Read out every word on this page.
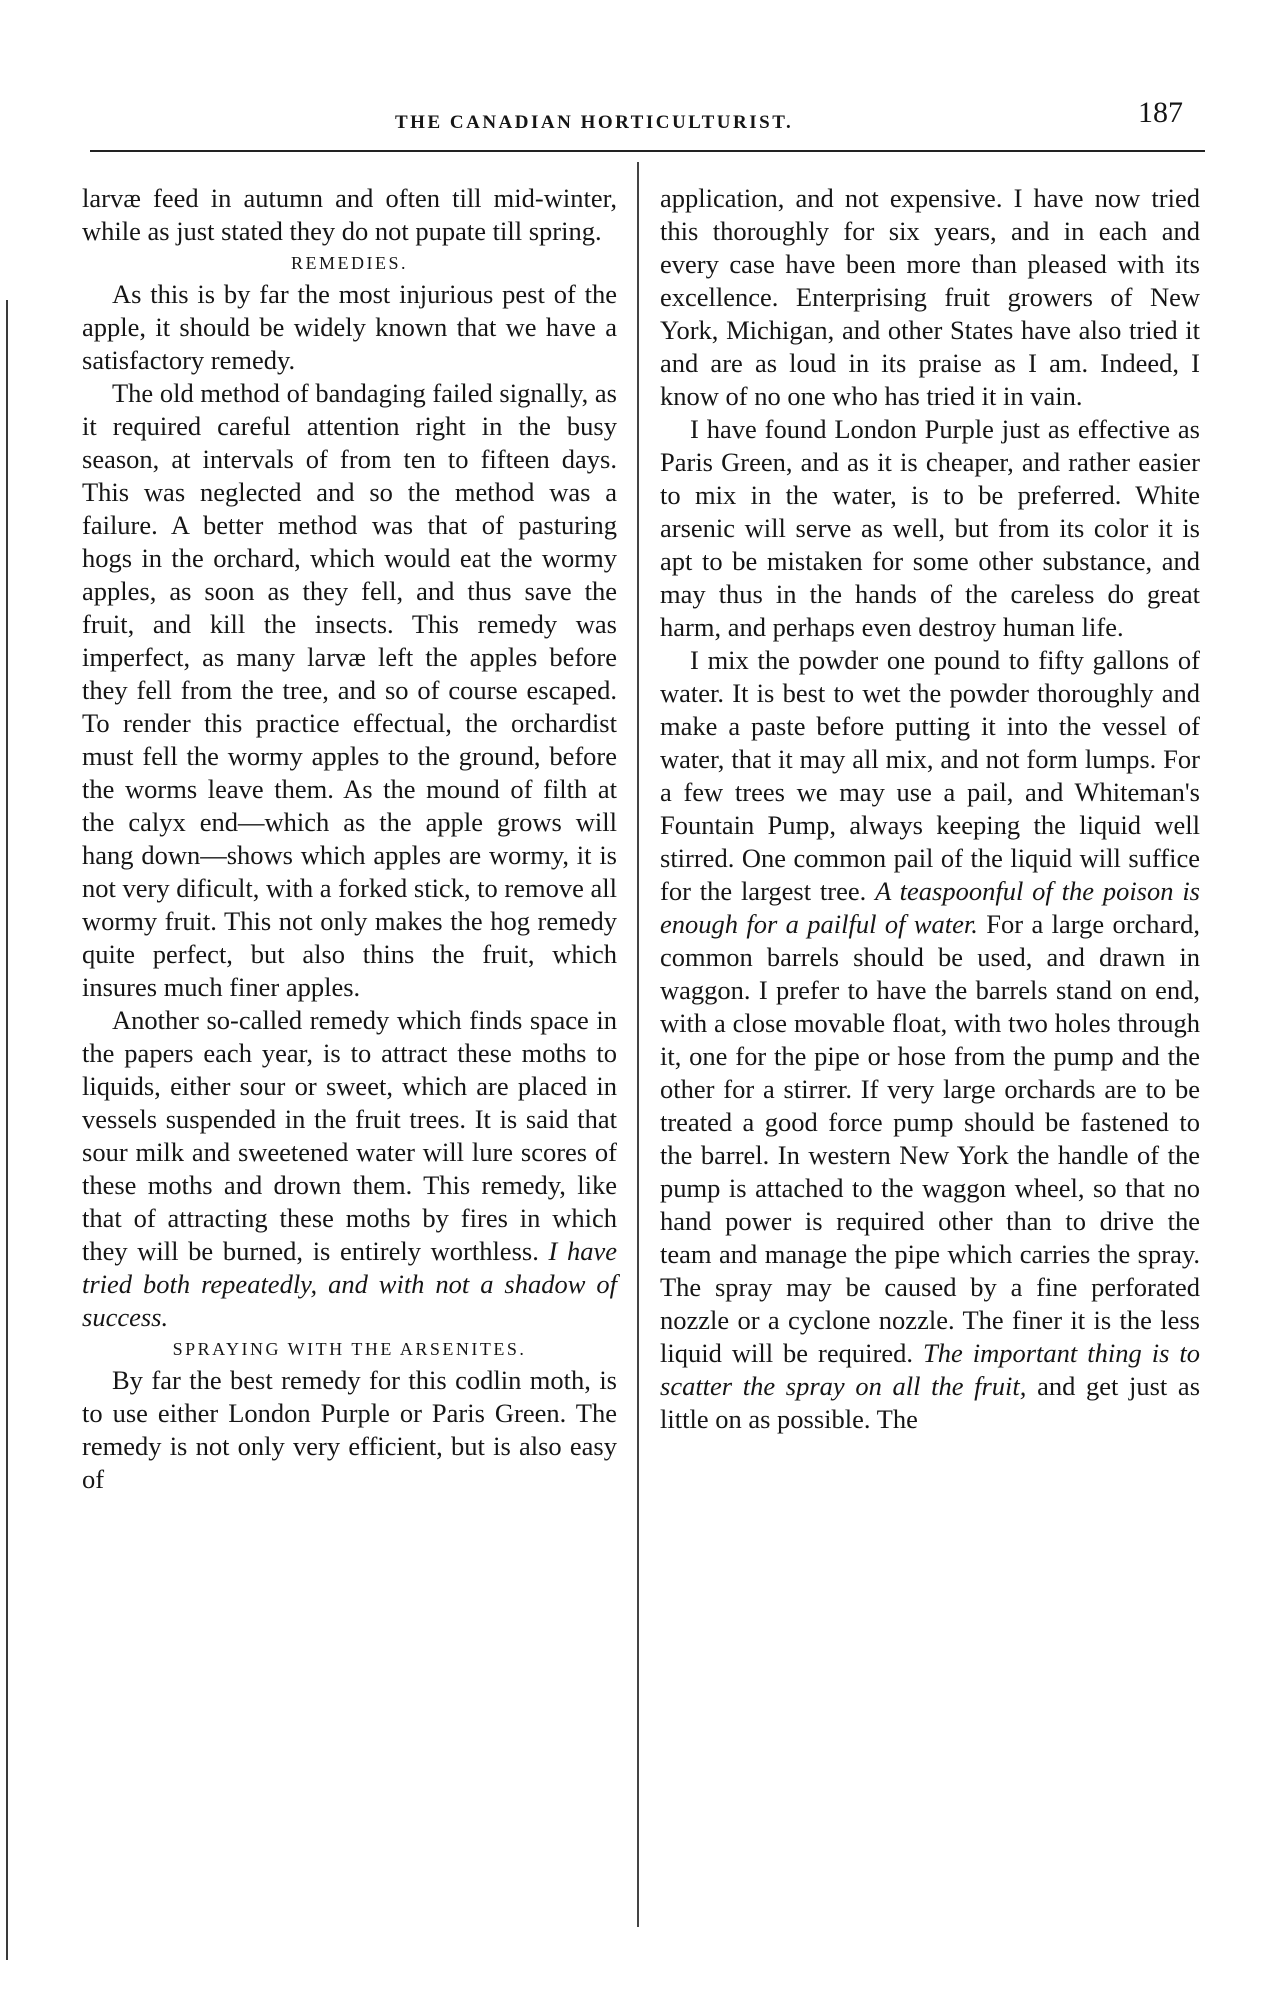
THE CANADIAN HORTICULTURIST.	187

larvæ feed in autumn and often till mid-winter, while as just stated they do not pupate till spring.

REMEDIES.

As this is by far the most injurious pest of the apple, it should be widely known that we have a satisfactory remedy.

The old method of bandaging failed signally, as it required careful attention right in the busy season, at intervals of from ten to fifteen days. This was neglected and so the method was a failure. A better method was that of pasturing hogs in the orchard, which would eat the wormy apples, as soon as they fell, and thus save the fruit, and kill the insects. This remedy was imperfect, as many larvæ left the apples before they fell from the tree, and so of course escaped. To render this practice effectual, the orchardist must fell the wormy apples to the ground, before the worms leave them. As the mound of filth at the calyx end—which as the apple grows will hang down—shows which apples are wormy, it is not very dificult, with a forked stick, to remove all wormy fruit. This not only makes the hog remedy quite perfect, but also thins the fruit, which insures much finer apples.

Another so-called remedy which finds space in the papers each year, is to attract these moths to liquids, either sour or sweet, which are placed in vessels suspended in the fruit trees. It is said that sour milk and sweetened water will lure scores of these moths and drown them. This remedy, like that of attracting these moths by fires in which they will be burned, is entirely worthless. I have tried both repeatedly, and with not a shadow of success.

SPRAYING WITH THE ARSENITES.

By far the best remedy for this codlin moth, is to use either London Purple or Paris Green. The remedy is not only very efficient, but is also easy of

application, and not expensive. I have now tried this thoroughly for six years, and in each and every case have been more than pleased with its excellence. Enterprising fruit growers of New York, Michigan, and other States have also tried it and are as loud in its praise as I am. Indeed, I know of no one who has tried it in vain.

I have found London Purple just as effective as Paris Green, and as it is cheaper, and rather easier to mix in the water, is to be preferred. White arsenic will serve as well, but from its color it is apt to be mistaken for some other substance, and may thus in the hands of the careless do great harm, and perhaps even destroy human life.

I mix the powder one pound to fifty gallons of water. It is best to wet the powder thoroughly and make a paste before putting it into the vessel of water, that it may all mix, and not form lumps. For a few trees we may use a pail, and Whiteman's Fountain Pump, always keeping the liquid well stirred. One common pail of the liquid will suffice for the largest tree. A teaspoonful of the poison is enough for a pailful of water. For a large orchard, common barrels should be used, and drawn in waggon. I prefer to have the barrels stand on end, with a close movable float, with two holes through it, one for the pipe or hose from the pump and the other for a stirrer. If very large orchards are to be treated a good force pump should be fastened to the barrel. In western New York the handle of the pump is attached to the waggon wheel, so that no hand power is required other than to drive the team and manage the pipe which carries the spray. The spray may be caused by a fine perforated nozzle or a cyclone nozzle. The finer it is the less liquid will be required. The important thing is to scatter the spray on all the fruit, and get just as little on as possible. The
